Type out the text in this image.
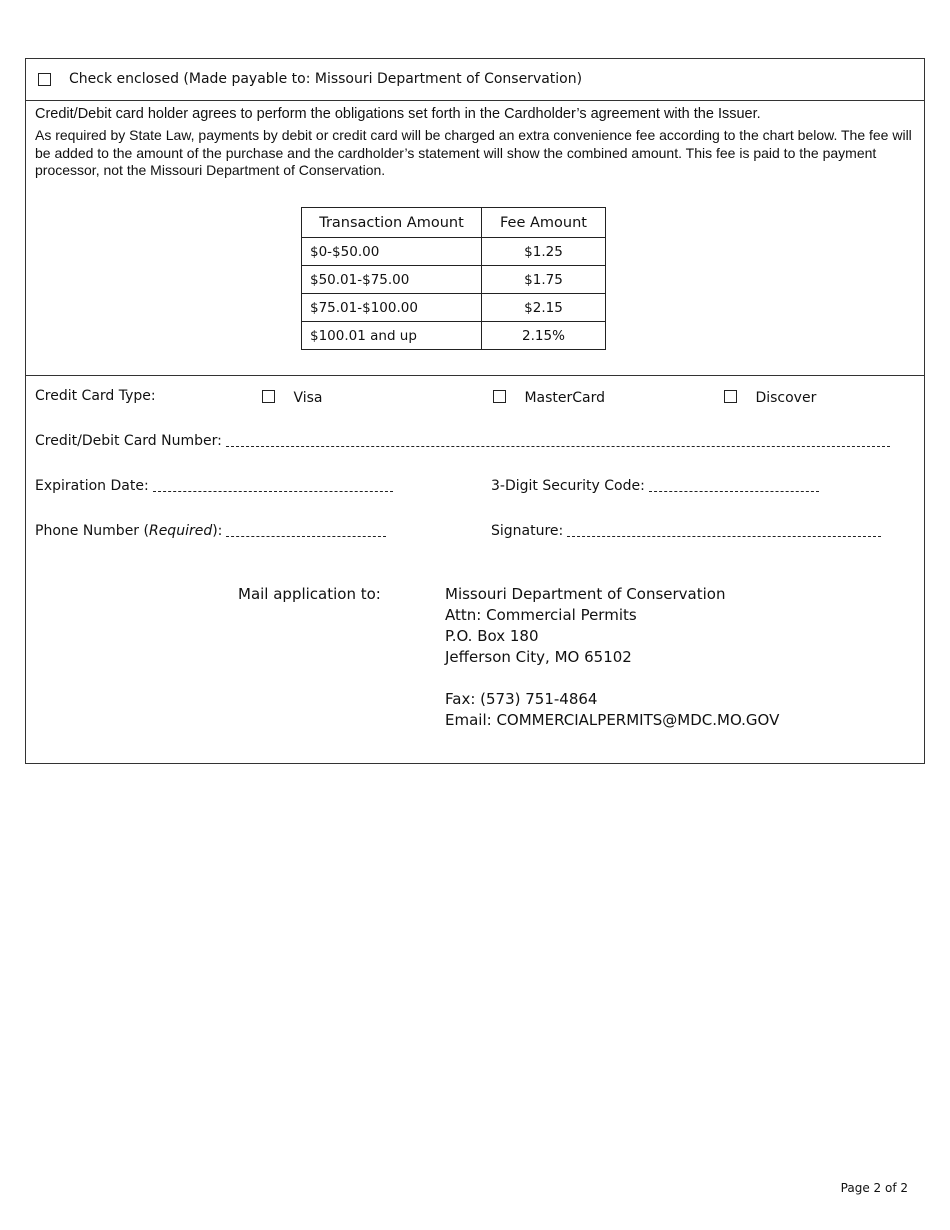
Check enclosed (Made payable to: Missouri Department of Conservation)
Credit/Debit card holder agrees to perform the obligations set forth in the Cardholder’s agreement with the Issuer.
As required by State Law, payments by debit or credit card will be charged an extra convenience fee according to the chart below. The fee will be added to the amount of the purchase and the cardholder’s statement will show the combined amount. This fee is paid to the payment processor, not the Missouri Department of Conservation.
Transaction Amount	Fee Amount
$0-$50.00	$1.25
$50.01-$75.00	$1.75
$75.01-$100.00	$2.15
$100.01 and up	2.15%
Credit Card Type:	Visa	MasterCard	Discover
Credit/Debit Card Number:
Expiration Date:	3-Digit Security Code:
Phone Number (Required):	Signature:
Mail application to:	Missouri Department of Conservation
Attn: Commercial Permits
P.O. Box 180
Jefferson City, MO 65102
Fax: (573) 751-4864
Email: COMMERCIALPERMITS@MDC.MO.GOV
Page 2 of 2
